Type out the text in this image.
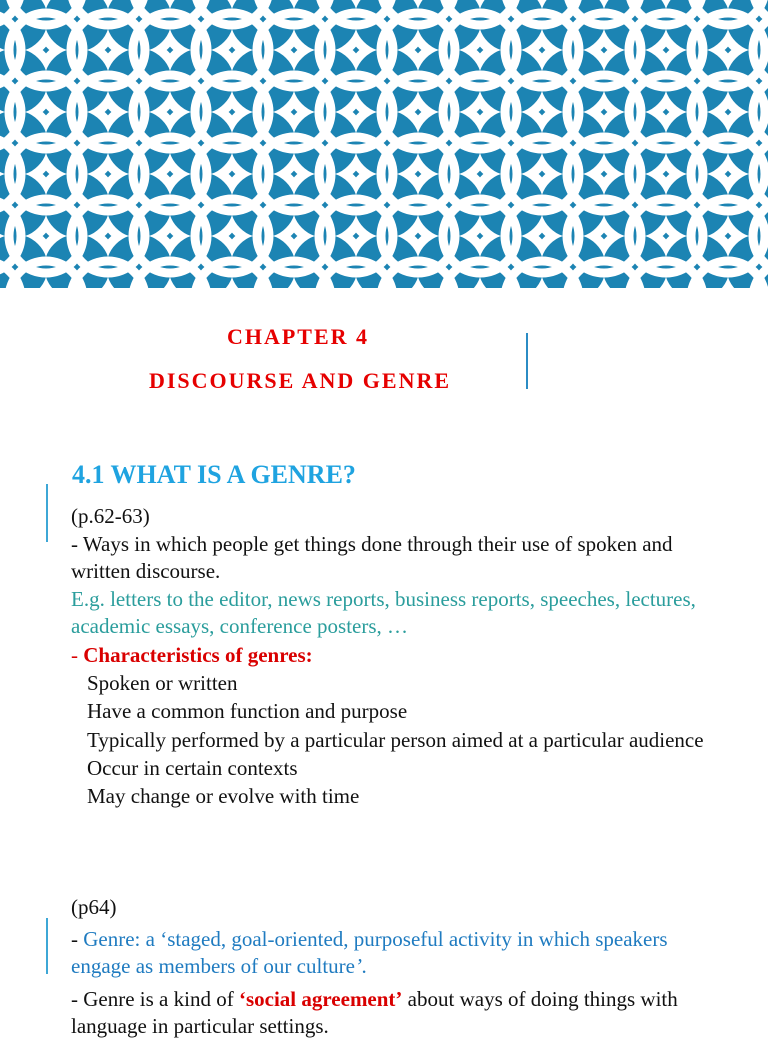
CHAPTER 4
DISCOURSE AND GENRE
4.1 WHAT IS A GENRE?
(p.62-63)
- Ways in which people get things done through their use of spoken and
written discourse.
E.g. letters to the editor, news reports, business reports, speeches, lectures,
academic essays, conference posters, …
- Characteristics of genres:
Spoken or written
Have a common function and purpose
Typically performed by a particular person aimed at a particular audience
Occur in certain contexts
May change or evolve with time
(p64)
- Genre: a ‘staged, goal-oriented, purposeful activity in which speakers
engage as members of our culture’.
- Genre is a kind of ‘social agreement’ about ways of doing things with
language in particular settings.
